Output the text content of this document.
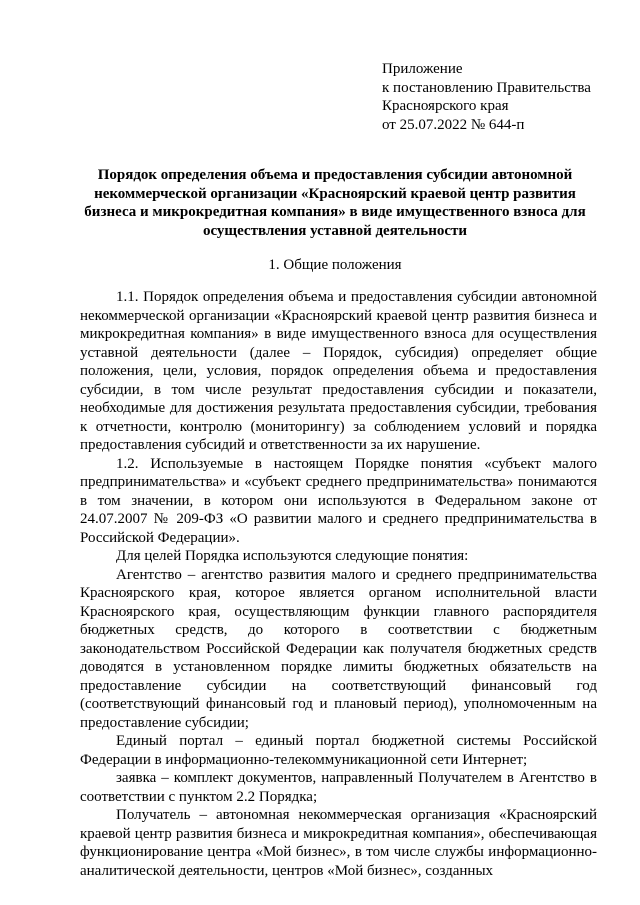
Приложение
к постановлению Правительства
Красноярского края
от 25.07.2022 № 644-п
Порядок определения объема и предоставления субсидии автономной некоммерческой организации «Красноярский краевой центр развития бизнеса и микрокредитная компания» в виде имущественного взноса для осуществления уставной деятельности
1. Общие положения

1.1. Порядок определения объема и предоставления субсидии автономной некоммерческой организации «Красноярский краевой центр развития бизнеса и микрокредитная компания» в виде имущественного взноса для осуществления уставной деятельности (далее – Порядок, субсидия) определяет общие положения, цели, условия, порядок определения объема и предоставления субсидии, в том числе результат предоставления субсидии и показатели, необходимые для достижения результата предоставления субсидии, требования к отчетности, контролю (мониторингу) за соблюдением условий и порядка предоставления субсидий и ответственности за их нарушение.

1.2. Используемые в настоящем Порядке понятия «субъект малого предпринимательства» и «субъект среднего предпринимательства» понимаются в том значении, в котором они используются в Федеральном законе от 24.07.2007 № 209-ФЗ «О развитии малого и среднего предпринимательства в Российской Федерации».

Для целей Порядка используются следующие понятия:

Агентство – агентство развития малого и среднего предпринимательства Красноярского края, которое является органом исполнительной власти Красноярского края, осуществляющим функции главного распорядителя бюджетных средств, до которого в соответствии с бюджетным законодательством Российской Федерации как получателя бюджетных средств доводятся в установленном порядке лимиты бюджетных обязательств на предоставление субсидии на соответствующий финансовый год (соответствующий финансовый год и плановый период), уполномоченным на предоставление субсидии;

Единый портал – единый портал бюджетной системы Российской Федерации в информационно-телекоммуникационной сети Интернет;

заявка – комплект документов, направленный Получателем в Агентство в соответствии с пунктом 2.2 Порядка;

Получатель – автономная некоммерческая организация «Красноярский краевой центр развития бизнеса и микрокредитная компания», обеспечивающая функционирование центра «Мой бизнес», в том числе службы информационно-аналитической деятельности, центров «Мой бизнес», созданных
